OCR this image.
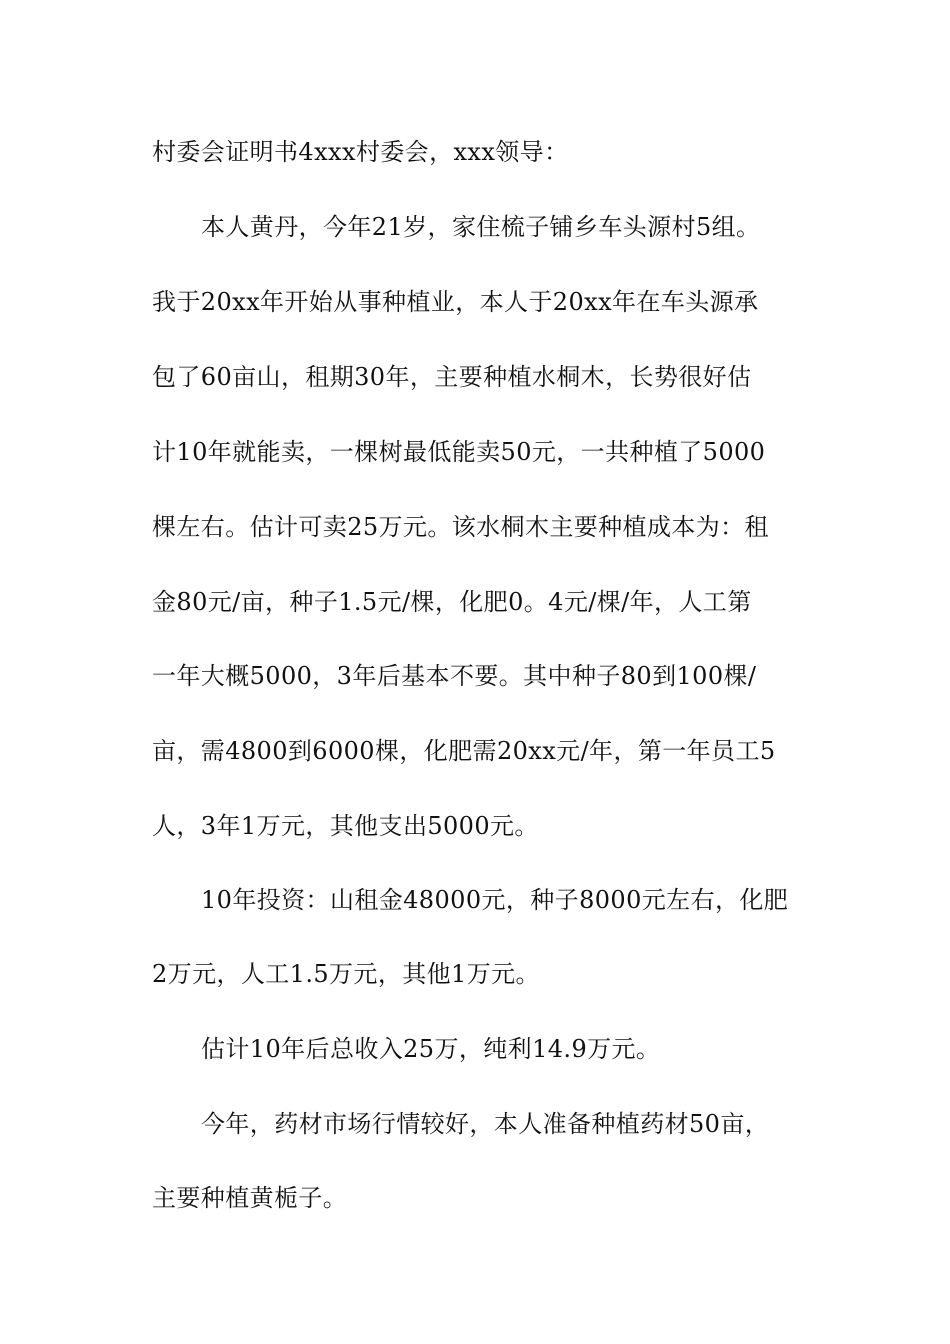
村委会证明书4xxx村委会，xxx领导：

本人黄丹，今年21岁，家住梳子铺乡车头源村5组。

我于20xx年开始从事种植业，本人于20xx年在车头源承

包了60亩山，租期30年，主要种植水桐木，长势很好估

计10年就能卖，一棵树最低能卖50元，一共种植了5000

棵左右。估计可卖25万元。该水桐木主要种植成本为：租

金80元/亩，种子1.5元/棵，化肥0。4元/棵/年，人工第

一年大概5000，3年后基本不要。其中种子80到100棵/

亩，需4800到6000棵，化肥需20xx元/年，第一年员工5

人，3年1万元，其他支出5000元。

10年投资：山租金48000元，种子8000元左右，化肥

2万元，人工1.5万元，其他1万元。

估计10年后总收入25万，纯利14.9万元。

今年，药材市场行情较好，本人准备种植药材50亩，

主要种植黄栀子。
